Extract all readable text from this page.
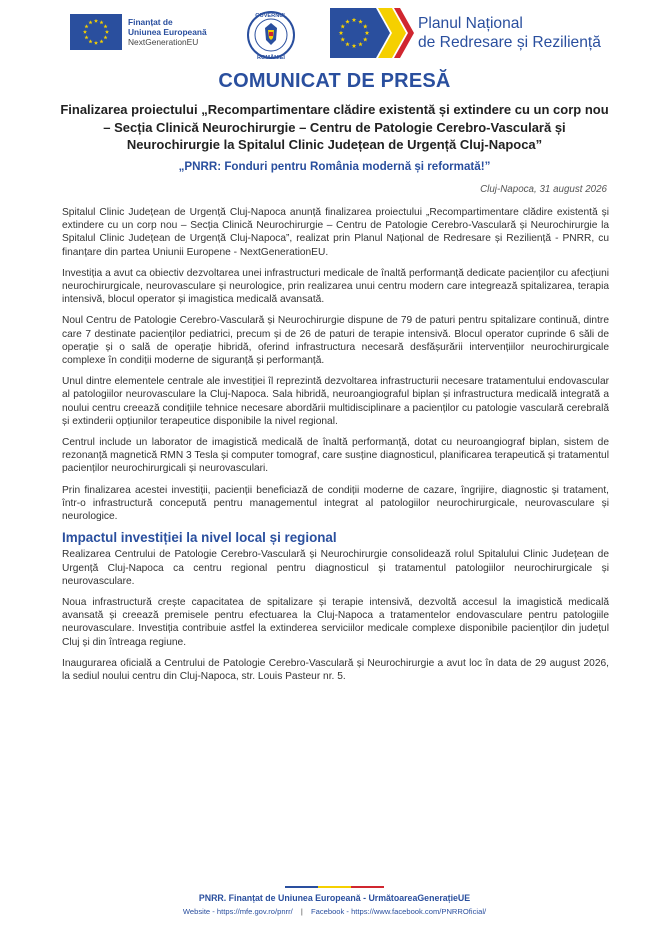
Finanțat de
Uniunea Europeană
NextGenerationEU
GUVERNUL
ROMÂNIEI
Planul Național
de Redresare și Reziliență
COMUNICAT DE PRESĂ
Finalizarea proiectului „Recompartimentare clădire existentă și extindere cu un corp nou – Secția Clinică Neurochirurgie – Centru de Patologie Cerebro-Vasculară și Neurochirurgie la Spitalul Clinic Județean de Urgență Cluj-Napoca”
„PNRR: Fonduri pentru România modernă și reformată!”
Cluj-Napoca, 31 august 2026

Spitalul Clinic Județean de Urgență Cluj-Napoca anunță finalizarea proiectului „Recompartimentare clădire existentă și extindere cu un corp nou – Secția Clinică Neurochirurgie – Centru de Patologie Cerebro-Vasculară și Neurochirurgie la Spitalul Clinic Județean de Urgență Cluj-Napoca”, realizat prin Planul Național de Redresare și Reziliență - PNRR, cu finanțare din partea Uniunii Europene - NextGenerationEU.

Investiția a avut ca obiectiv dezvoltarea unei infrastructuri medicale de înaltă performanță dedicate pacienților cu afecțiuni neurochirurgicale, neurovasculare și neurologice, prin realizarea unui centru modern care integrează spitalizarea, terapia intensivă, blocul operator și imagistica medicală avansată.

Noul Centru de Patologie Cerebro-Vasculară și Neurochirurgie dispune de 79 de paturi pentru spitalizare continuă, dintre care 7 destinate pacienților pediatrici, precum și de 26 de paturi de terapie intensivă. Blocul operator cuprinde 6 săli de operație și o sală de operație hibridă, oferind infrastructura necesară desfășurării intervențiilor neurochirurgicale complexe în condiții moderne de siguranță și performanță.

Unul dintre elementele centrale ale investiției îl reprezintă dezvoltarea infrastructurii necesare tratamentului endovascular al patologiilor neurovasculare la Cluj-Napoca. Sala hibridă, neuroangiograful biplan și infrastructura medicală integrată a noului centru creează condițiile tehnice necesare abordării multidisciplinare a pacienților cu patologie vasculară cerebrală și extinderii opțiunilor terapeutice disponibile la nivel regional.

Centrul include un laborator de imagistică medicală de înaltă performanță, dotat cu neuroangiograf biplan, sistem de rezonanță magnetică RMN 3 Tesla și computer tomograf, care susține diagnosticul, planificarea terapeutică și tratamentul pacienților neurochirurgicali și neurovasculari.

Prin finalizarea acestei investiții, pacienții beneficiază de condiții moderne de cazare, îngrijire, diagnostic și tratament, într-o infrastructură concepută pentru managementul integrat al patologiilor neurochirurgicale, neurovasculare și neurologice.

Impactul investiției la nivel local și regional

Realizarea Centrului de Patologie Cerebro-Vasculară și Neurochirurgie consolidează rolul Spitalului Clinic Județean de Urgență Cluj-Napoca ca centru regional pentru diagnosticul și tratamentul patologiilor neurochirurgicale și neurovasculare.

Noua infrastructură crește capacitatea de spitalizare și terapie intensivă, dezvoltă accesul la imagistică medicală avansată și creează premisele pentru efectuarea la Cluj-Napoca a tratamentelor endovasculare pentru patologiile neurovasculare. Investiția contribuie astfel la extinderea serviciilor medicale complexe disponibile pacienților din județul Cluj și din întreaga regiune.

Inaugurarea oficială a Centrului de Patologie Cerebro-Vasculară și Neurochirurgie a avut loc în data de 29 august 2026, la sediul noului centru din Cluj-Napoca, str. Louis Pasteur nr. 5.

PNRR. Finanțat de Uniunea Europeană - UrmătoareaGenerațieUE
Website - https://mfe.gov.ro/pnrr/ | Facebook - https://www.facebook.com/PNRROficial/
